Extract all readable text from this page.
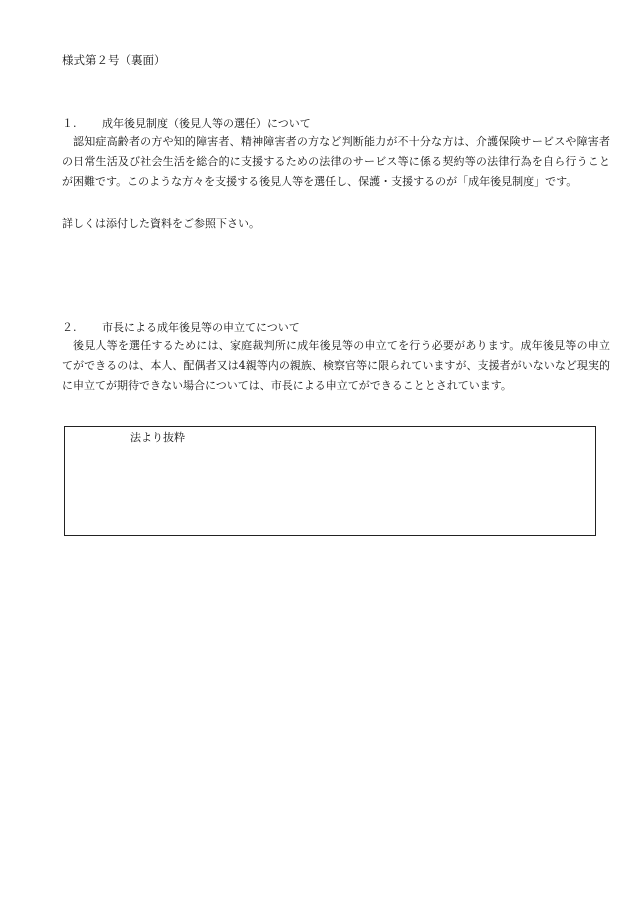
様式第２号（裏面）
１. 成年後見制度（後見人等の選任）について

認知症高齢者の方や知的障害者、精神障害者の方など判断能力が不十分な方は、介護保険サービスや障害者の日常生活及び社会生活を総合的に支援するための法律のサービス等に係る契約等の法律行為を自ら行うことが困難です。このような方々を支援する後見人等を選任し、保護・支援するのが「成年後見制度」です。

詳しくは添付した資料をご参照下さい。
２. 市長による成年後見等の申立てについて

後見人等を選任するためには、家庭裁判所に成年後見等の申立てを行う必要があります。成年後見等の申立てができるのは、本人、配偶者又は4親等内の親族、検察官等に限られていますが、支援者がいないなど現実的に申立てが期待できない場合については、市長による申立てができることとされています。

法より抜粋
